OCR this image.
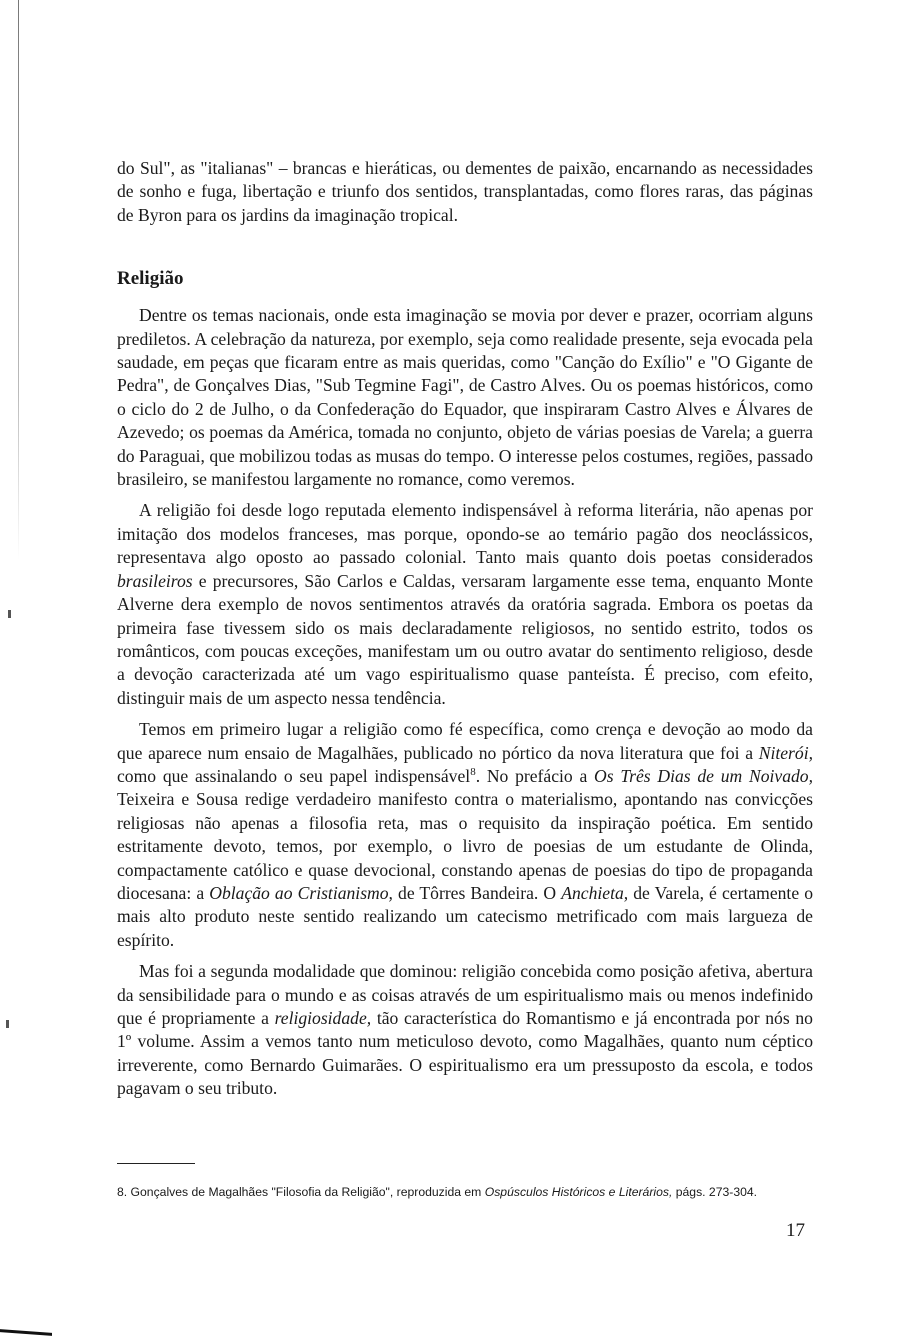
do Sul", as "italianas" – brancas e hieráticas, ou dementes de paixão, encarnando as necessidades de sonho e fuga, libertação e triunfo dos sentidos, transplantadas, como flores raras, das páginas de Byron para os jardins da imaginação tropical.

Religião

Dentre os temas nacionais, onde esta imaginação se movia por dever e prazer, ocorriam alguns prediletos. A celebração da natureza, por exemplo, seja como realidade presente, seja evocada pela saudade, em peças que ficaram entre as mais queridas, como "Canção do Exílio" e "O Gigante de Pedra", de Gonçalves Dias, "Sub Tegmine Fagi", de Castro Alves. Ou os poemas históricos, como o ciclo do 2 de Julho, o da Confederação do Equador, que inspiraram Castro Alves e Álvares de Azevedo; os poemas da América, tomada no conjunto, objeto de várias poesias de Varela; a guerra do Paraguai, que mobilizou todas as musas do tempo. O interesse pelos costumes, regiões, passado brasileiro, se manifestou largamente no romance, como veremos.

A religião foi desde logo reputada elemento indispensável à reforma literária, não apenas por imitação dos modelos franceses, mas porque, opondo-se ao temário pagão dos neoclássicos, representava algo oposto ao passado colonial. Tanto mais quanto dois poetas considerados brasileiros e precursores, São Carlos e Caldas, versaram largamente esse tema, enquanto Monte Alverne dera exemplo de novos sentimentos através da oratória sagrada. Embora os poetas da primeira fase tivessem sido os mais declaradamente religiosos, no sentido estrito, todos os românticos, com poucas exceções, manifestam um ou outro avatar do sentimento religioso, desde a devoção caracterizada até um vago espiritualismo quase panteísta. É preciso, com efeito, distinguir mais de um aspecto nessa tendência.

Temos em primeiro lugar a religião como fé específica, como crença e devoção ao modo da que aparece num ensaio de Magalhães, publicado no pórtico da nova literatura que foi a Niterói, como que assinalando o seu papel indispensável$^8$. No prefácio a Os Três Dias de um Noivado, Teixeira e Sousa redige verdadeiro manifesto contra o materialismo, apontando nas convicções religiosas não apenas a filosofia reta, mas o requisito da inspiração poética. Em sentido estritamente devoto, temos, por exemplo, o livro de poesias de um estudante de Olinda, compactamente católico e quase devocional, constando apenas de poesias do tipo de propaganda diocesana: a Oblação ao Cristianismo, de Tôrres Bandeira. O Anchieta, de Varela, é certamente o mais alto produto neste sentido realizando um catecismo metrificado com mais largueza de espírito.

Mas foi a segunda modalidade que dominou: religião concebida como posição afetiva, abertura da sensibilidade para o mundo e as coisas através de um espiritualismo mais ou menos indefinido que é propriamente a religiosidade, tão característica do Romantismo e já encontrada por nós no 1º volume. Assim a vemos tanto num meticuloso devoto, como Magalhães, quanto num céptico irreverente, como Bernardo Guimarães. O espiritualismo era um pressuposto da escola, e todos pagavam o seu tributo.

8. Gonçalves de Magalhães "Filosofia da Religião", reproduzida em Ospúsculos Históricos e Literários, págs. 273-304.

17
